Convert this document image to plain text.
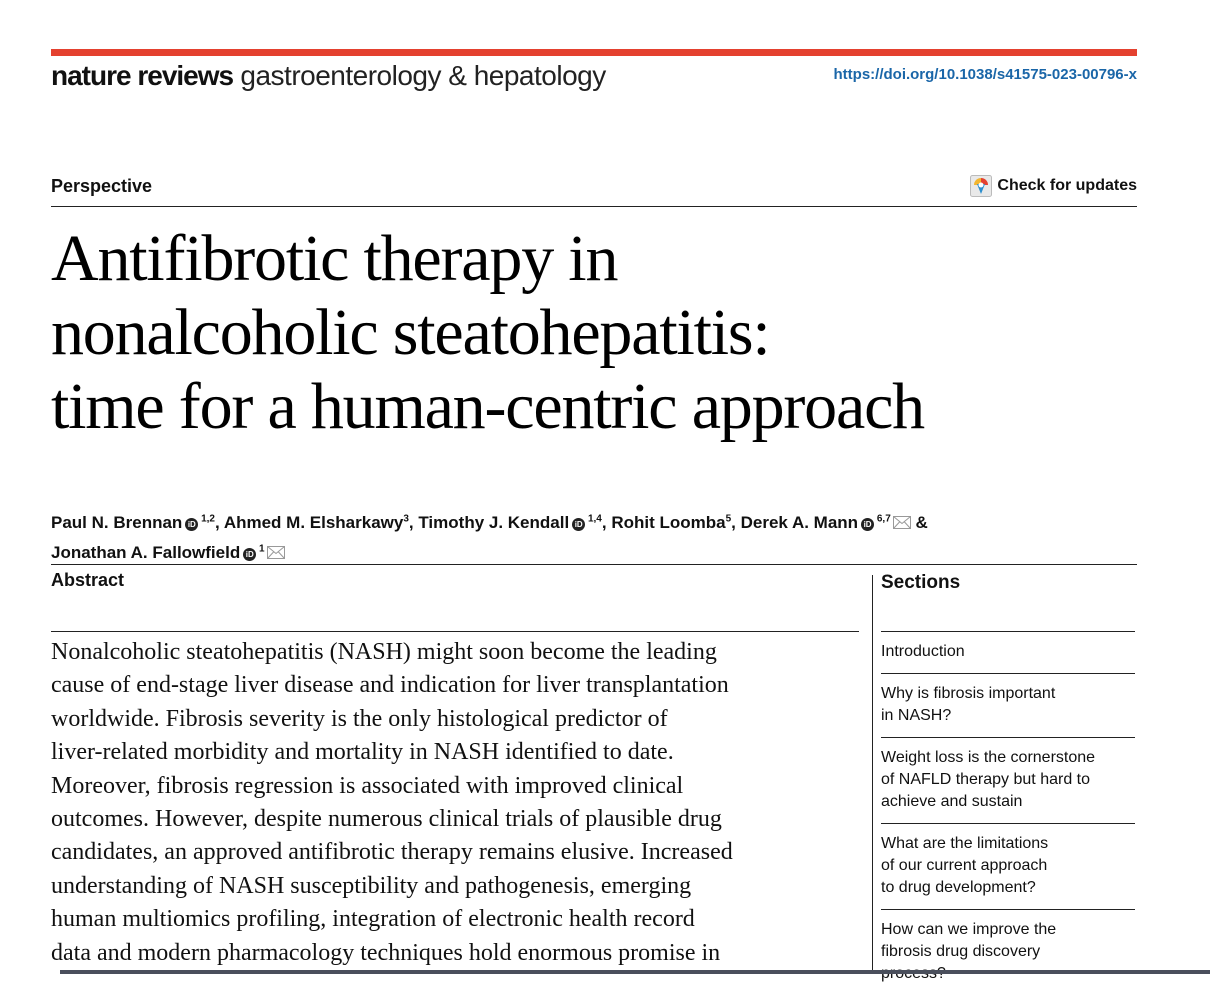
nature reviews gastroenterology & hepatology	https://doi.org/10.1038/s41575-023-00796-x
Perspective	Check for updates
Antifibrotic therapy in
nonalcoholic steatohepatitis:
time for a human-centric approach
Paul N. Brennan iD $^{1,2}$, Ahmed M. Elsharkawy$^3$, Timothy J. Kendall iD $^{1,4}$, Rohit Loomba$^5$, Derek A. Mann iD $^{6,7}$ &
Jonathan A. Fallowfield iD $^1$
Abstract	Sections
Nonalcoholic steatohepatitis (NASH) might soon become the leading
cause of end-stage liver disease and indication for liver transplantation
worldwide. Fibrosis severity is the only histological predictor of
liver-related morbidity and mortality in NASH identified to date.
Moreover, fibrosis regression is associated with improved clinical
outcomes. However, despite numerous clinical trials of plausible drug
candidates, an approved antifibrotic therapy remains elusive. Increased
understanding of NASH susceptibility and pathogenesis, emerging
human multiomics profiling, integration of electronic health record
data and modern pharmacology techniques hold enormous promise in
Introduction
Why is fibrosis important
in NASH?
Weight loss is the cornerstone
of NAFLD therapy but hard to
achieve and sustain
What are the limitations
of our current approach
to drug development?
How can we improve the
fibrosis drug discovery
